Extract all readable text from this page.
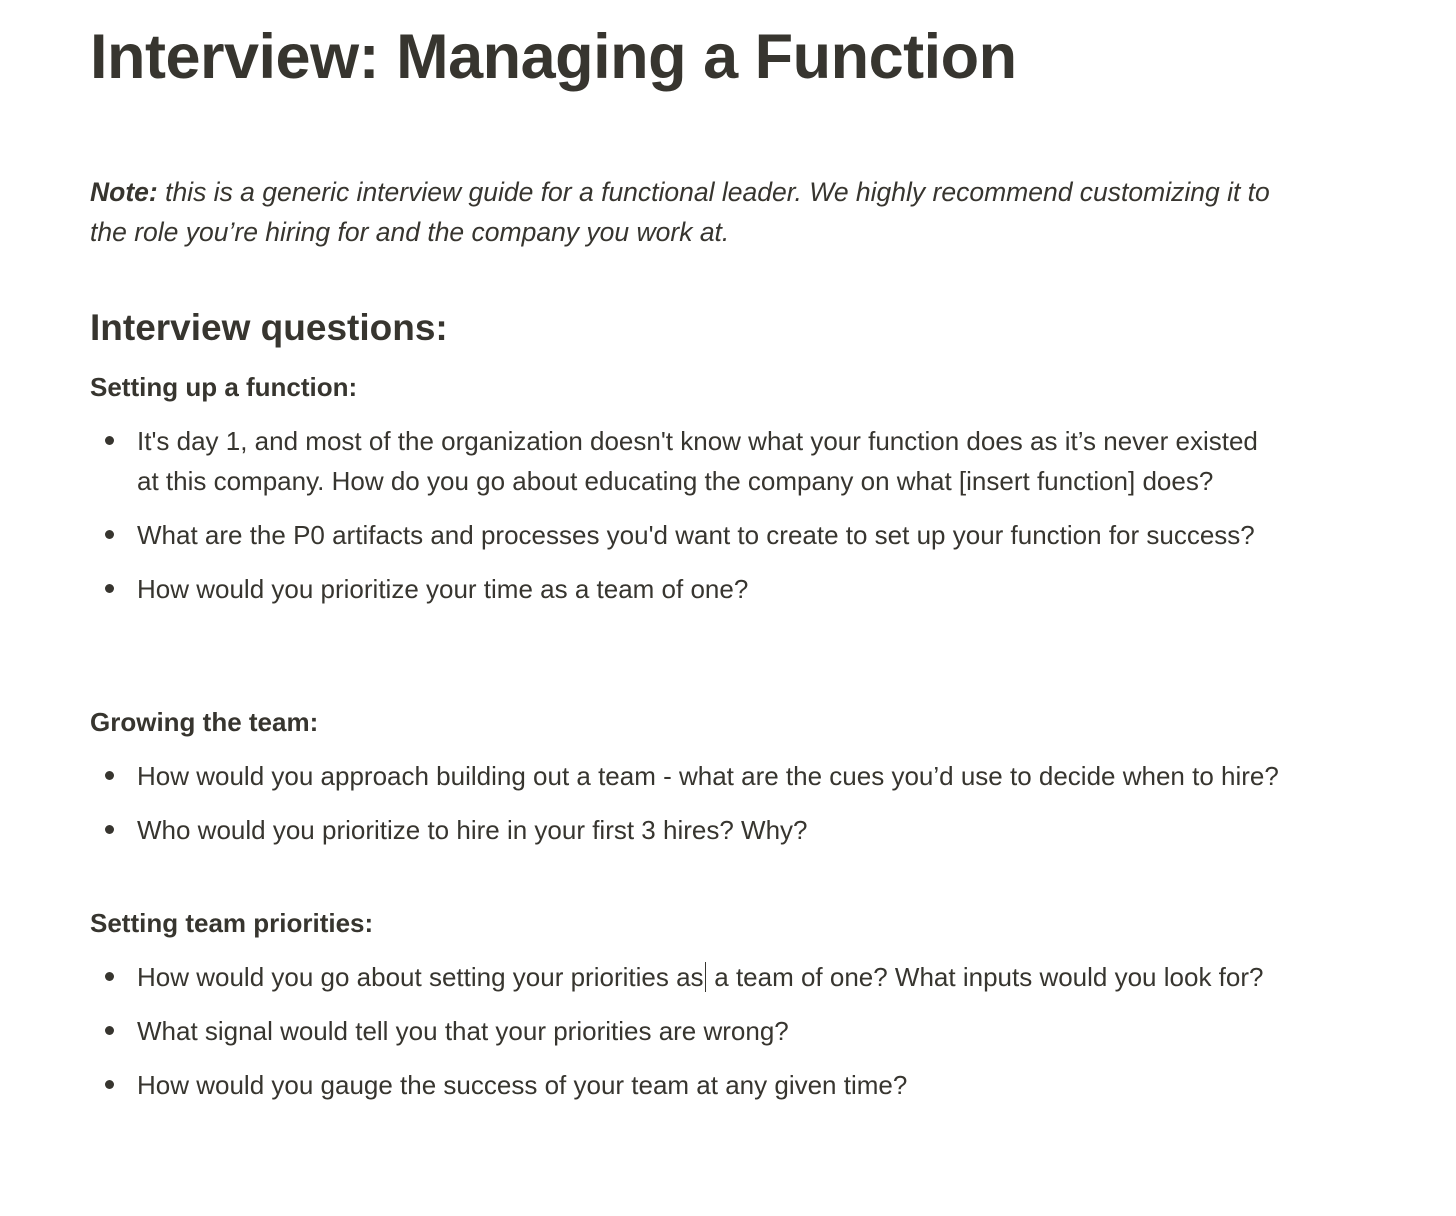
Interview: Managing a Function

Note: this is a generic interview guide for a functional leader. We highly recommend customizing it to the role you’re hiring for and the company you work at.

Interview questions:
Setting up a function:
It's day 1, and most of the organization doesn't know what your function does as it’s never existed at this company. How do you go about educating the company on what [insert function] does?
What are the P0 artifacts and processes you'd want to create to set up your function for success?
How would you prioritize your time as a team of one?
Growing the team:
How would you approach building out a team - what are the cues you’d use to decide when to hire?
Who would you prioritize to hire in your first 3 hires? Why?
Setting team priorities:
How would you go about setting your priorities as a team of one? What inputs would you look for?
What signal would tell you that your priorities are wrong?
How would you gauge the success of your team at any given time?
